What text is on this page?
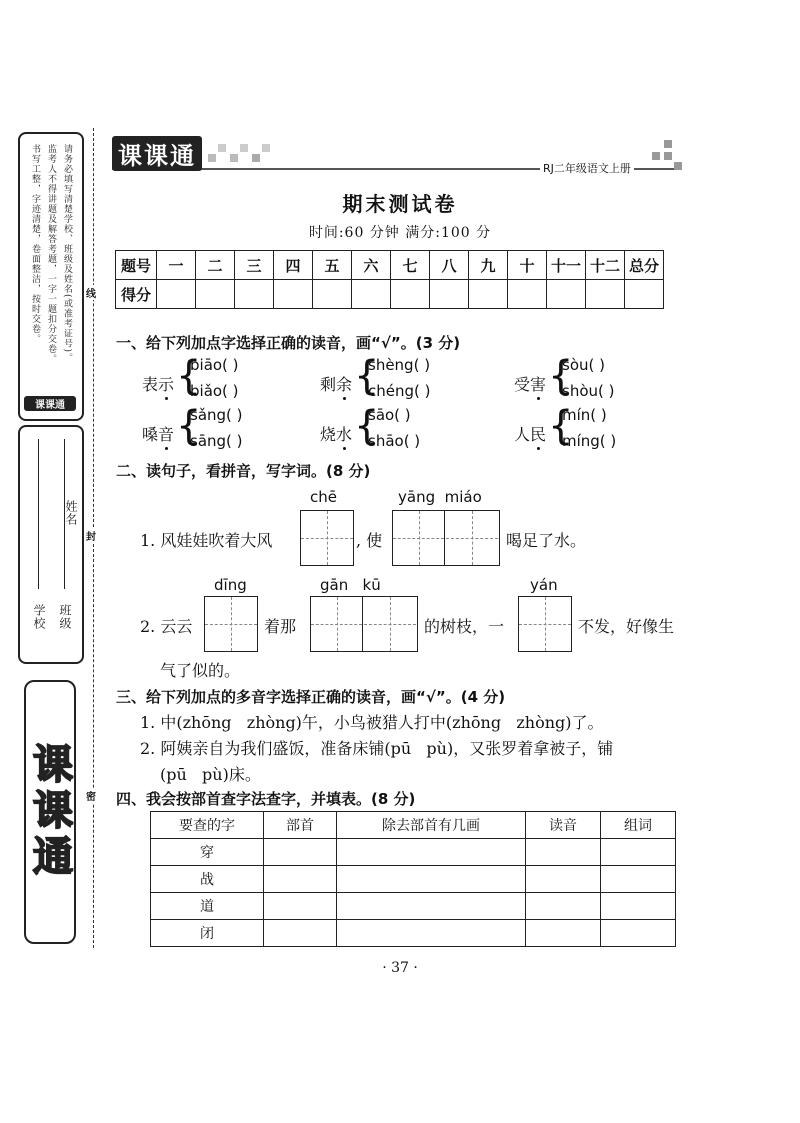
请务必填写清楚学校、班级及姓名(或准考证号)。
监考人不得讲题及解答考题，一字一题扣分交卷。
书写工整，字迹清楚，卷面整洁，按时交卷。
课课通
学校 班级
姓名
课课通
线
封
密
课课通	RJ二年级语文上册
期末测试卷
时间:60 分钟 满分:100 分
题号	一	二	三	四	五	六	七	八	九	十	十一	十二	总分
得分													
一、给下列加点字选择正确的读音，画“√”。(3 分)
表示 {
biāo( )
biǎo( )	剩余 {
shèng( )
chéng( )	受害 {
sòu( )
shòu( )
嗓音 {
sǎng( )
sāng( )	烧水 {
sāo( )
shāo( )	人民 {
mín( )
míng( )
二、读句子，看拼音，写字词。(8 分)
chē	yāng  miáo
1. 风娃娃吹着大风	, 使	喝足了水。
dīng	gān   kū	yán
2. 云云	着那	的树枝，一	不发，好像生
气了似的。
三、给下列加点的多音字选择正确的读音，画“√”。(4 分)
1. 中(zhōng   zhòng)午，小鸟被猎人打中(zhōng   zhòng)了。
2. 阿姨亲自为我们盛饭，准备床铺(pū   pù)，又张罗着拿被子，铺
(pū   pù)床。
四、我会按部首查字法查字，并填表。(8 分)
要查的字	部首	除去部首有几画	读音	组词
穿				
战				
道				
闭				
· 37 ·
